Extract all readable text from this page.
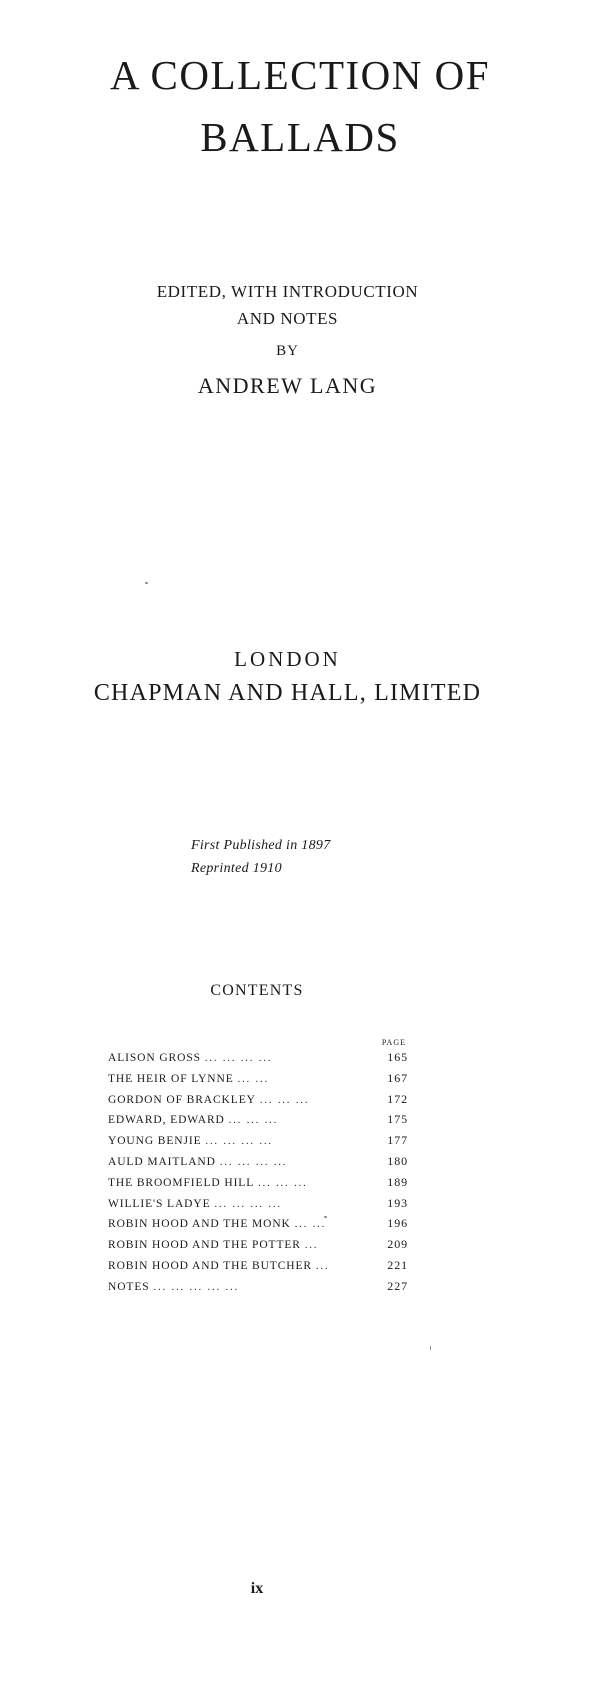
A COLLECTION OF
BALLADS
EDITED, WITH INTRODUCTION
AND NOTES
BY
ANDREW LANG
LONDON
CHAPMAN AND HALL, LIMITED
First Published in 1897
Reprinted 1910
CONTENTS
PAGE
ALISON GROSS ... ... ... ...	165
THE HEIR OF LYNNE ... ...	167
GORDON OF BRACKLEY ... ... ...	172
EDWARD, EDWARD ... ... ...	175
YOUNG BENJIE ... ... ... ...	177
AULD MAITLAND ... ... ... ...	180
THE BROOMFIELD HILL ... ... ...	189
WILLIE'S LADYE ... ... ... ...	193
ROBIN HOOD AND THE MONK ... ...	196
ROBIN HOOD AND THE POTTER ...	209
ROBIN HOOD AND THE BUTCHER ...	221
NOTES ... ... ... ... ...	227
ix
